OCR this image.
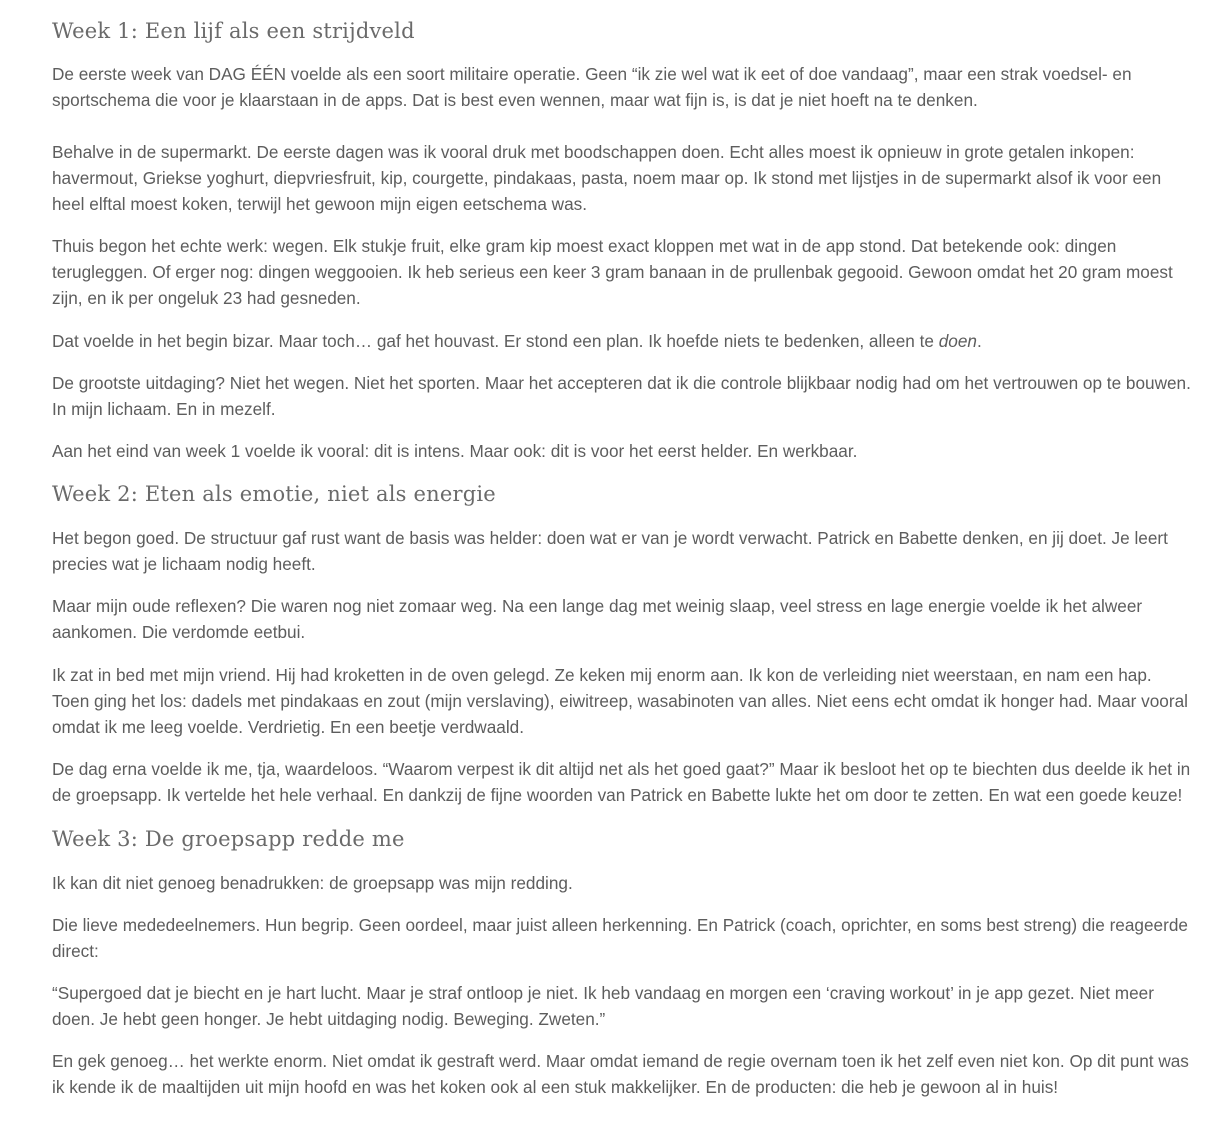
Week 1: Een lijf als een strijdveld

De eerste week van DAG ÉÉN voelde als een soort militaire operatie. Geen “ik zie wel wat ik eet of doe vandaag”, maar een strak voedsel- en sportschema die voor je klaarstaan in de apps. Dat is best even wennen, maar wat fijn is, is dat je niet hoeft na te denken.

Behalve in de supermarkt. De eerste dagen was ik vooral druk met boodschappen doen. Echt alles moest ik opnieuw in grote getalen inkopen: havermout, Griekse yoghurt, diepvriesfruit, kip, courgette, pindakaas, pasta, noem maar op. Ik stond met lijstjes in de supermarkt alsof ik voor een heel elftal moest koken, terwijl het gewoon mijn eigen eetschema was.

Thuis begon het echte werk: wegen. Elk stukje fruit, elke gram kip moest exact kloppen met wat in de app stond. Dat betekende ook: dingen terugleggen. Of erger nog: dingen weggooien. Ik heb serieus een keer 3 gram banaan in de prullenbak gegooid. Gewoon omdat het 20 gram moest zijn, en ik per ongeluk 23 had gesneden.

Dat voelde in het begin bizar. Maar toch… gaf het houvast. Er stond een plan. Ik hoefde niets te bedenken, alleen te doen.

De grootste uitdaging? Niet het wegen. Niet het sporten. Maar het accepteren dat ik die controle blijkbaar nodig had om het vertrouwen op te bouwen. In mijn lichaam. En in mezelf.

Aan het eind van week 1 voelde ik vooral: dit is intens. Maar ook: dit is voor het eerst helder. En werkbaar.

Week 2: Eten als emotie, niet als energie

Het begon goed. De structuur gaf rust want de basis was helder: doen wat er van je wordt verwacht. Patrick en Babette denken, en jij doet. Je leert precies wat je lichaam nodig heeft.

Maar mijn oude reflexen? Die waren nog niet zomaar weg. Na een lange dag met weinig slaap, veel stress en lage energie voelde ik het alweer aankomen. Die verdomde eetbui.

Ik zat in bed met mijn vriend. Hij had kroketten in de oven gelegd. Ze keken mij enorm aan. Ik kon de verleiding niet weerstaan, en nam een hap. Toen ging het los: dadels met pindakaas en zout (mijn verslaving), eiwitreep, wasabinoten van alles. Niet eens echt omdat ik honger had. Maar vooral omdat ik me leeg voelde. Verdrietig. En een beetje verdwaald.

De dag erna voelde ik me, tja, waardeloos. “Waarom verpest ik dit altijd net als het goed gaat?” Maar ik besloot het op te biechten dus deelde ik het in de groepsapp. Ik vertelde het hele verhaal. En dankzij de fijne woorden van Patrick en Babette lukte het om door te zetten. En wat een goede keuze!

Week 3: De groepsapp redde me

Ik kan dit niet genoeg benadrukken: de groepsapp was mijn redding.

Die lieve mededeelnemers. Hun begrip. Geen oordeel, maar juist alleen herkenning. En Patrick (coach, oprichter, en soms best streng) die reageerde direct:

“Supergoed dat je biecht en je hart lucht. Maar je straf ontloop je niet. Ik heb vandaag en morgen een ‘craving workout’ in je app gezet. Niet meer doen. Je hebt geen honger. Je hebt uitdaging nodig. Beweging. Zweten.”

En gek genoeg… het werkte enorm. Niet omdat ik gestraft werd. Maar omdat iemand de regie overnam toen ik het zelf even niet kon. Op dit punt was ik kende ik de maaltijden uit mijn hoofd en was het koken ook al een stuk makkelijker. En de producten: die heb je gewoon al in huis!
